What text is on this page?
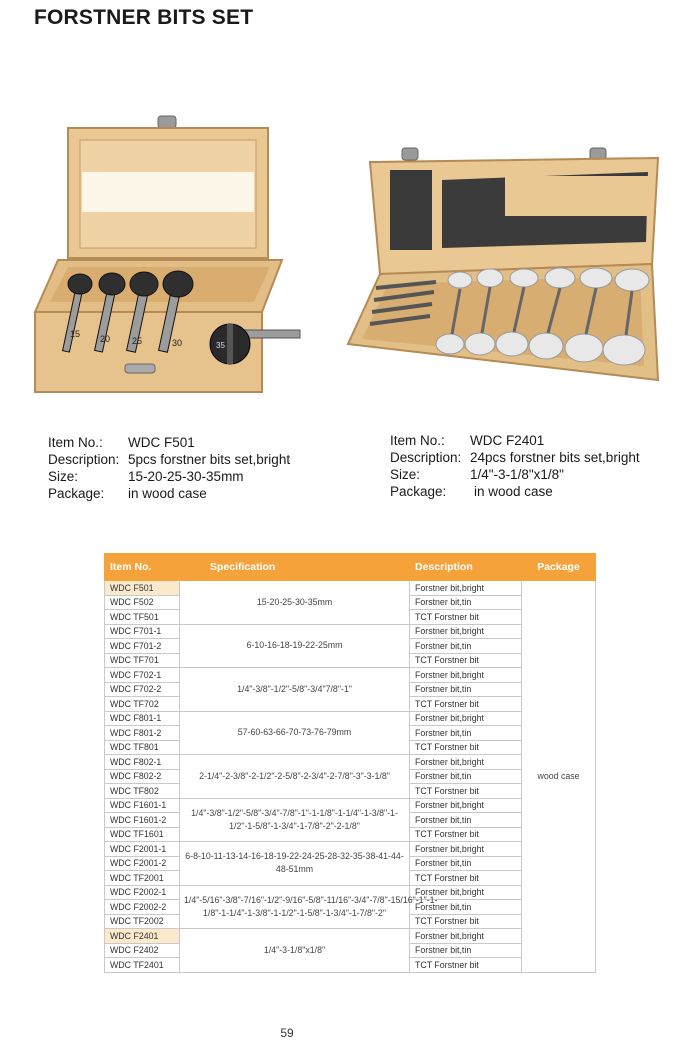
FORSTNER BITS SET
15 20 25	30	35
Item No.:	WDC F501
Description: 5pcs forstner bits set,bright
Size:	15-20-25-30-35mm
Package:	in wood case
Item No.:	WDC F2401
Description: 24pcs forstner bits set,bright
Size:	1/4"-3-1/8"x1/8"
Package:	in wood case
Item No.	Specification	Description	Package
WDC F501	15-20-25-30-35mm	Forstner bit,bright	wood case
WDC F502		Forstner bit,tin	
WDC TF501		TCT Forstner bit	
WDC F701-1	6-10-16-18-19-22-25mm	Forstner bit,bright	
WDC F701-2		Forstner bit,tin	
WDC TF701		TCT Forstner bit	
WDC F702-1	1/4"-3/8"-1/2"-5/8"-3/4"7/8"-1"	Forstner bit,bright	
WDC F702-2		Forstner bit,tin	
WDC TF702		TCT Forstner bit	
WDC F801-1	57-60-63-66-70-73-76-79mm	Forstner bit,bright	
WDC F801-2		Forstner bit,tin	
WDC TF801		TCT Forstner bit	
WDC F802-1	2-1/4"-2-3/8"-2-1/2"-2-5/8"-2-3/4"-2-7/8"-3"-3-1/8"	Forstner bit,bright	
WDC F802-2		Forstner bit,tin	
WDC TF802		TCT Forstner bit	
WDC F1601-1	1/4"-3/8"-1/2"-5/8"-3/4"-7/8"-1"-1-1/8"-1-1/4"-1-3/8"-1-1/2"-1-5/8"-1-3/4"-1-7/8"-2"-2-1/8"	Forstner bit,bright	
WDC F1601-2		Forstner bit,tin	
WDC TF1601		TCT Forstner bit	
WDC F2001-1	6-8-10-11-13-14-16-18-19-22-24-25-28-32-35-38-41-44-48-51mm	Forstner bit,bright	
WDC F2001-2		Forstner bit,tin	
WDC TF2001		TCT Forstner bit	
WDC F2002-1	1/4"-5/16"-3/8"-7/16"-1/2"-9/16"-5/8"-11/16"-3/4"-7/8"-15/16"-1"-1-1/8"-1-1/4"-1-3/8"-1-1/2"-1-5/8"-1-3/4"-1-7/8"-2"	Forstner bit,bright	
WDC F2002-2		Forstner bit,tin	
WDC TF2002		TCT Forstner bit	
WDC F2401	1/4"-3-1/8"x1/8"	Forstner bit,bright	
WDC F2402		Forstner bit,tin	
WDC TF2401		TCT Forstner bit	
59
